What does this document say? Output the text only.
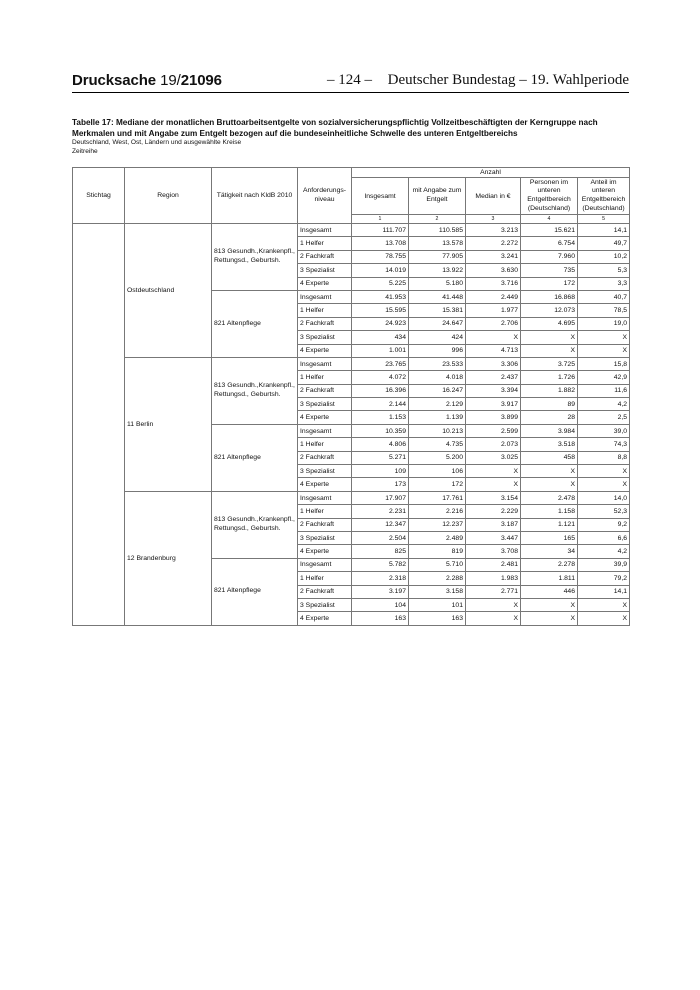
Drucksache 19/21096	– 124 – Deutscher Bundestag – 19. Wahlperiode
Tabelle 17: Mediane der monatlichen Bruttoarbeitsentgelte von sozialversicherungspflichtig Vollzeitbeschäftigten der Kerngruppe nach Merkmalen und mit Angabe zum Entgelt bezogen auf die bundeseinheitliche Schwelle des unteren Entgeltbereichs
Deutschland, West, Ost, Ländern und ausgewählte Kreise
Zeitreihe
Stichtag	Region	Tätigkeit nach KldB 2010	Anforderungs-niveau	Anzahl				
				Insgesamt	mit Angabe zum Entgelt	Median in €	Personen im unteren Entgeltbereich (Deutschland)	Anteil im unteren Entgeltbereich (Deutschland)
				1	2	3	4	5
	Ostdeutschland	813 Gesundh.,Krankenpfl., Rettungsd., Geburtsh.	Insgesamt	111.707	110.585	3.213	15.621	14,1
			1 Helfer	13.708	13.578	2.272	6.754	49,7
			2 Fachkraft	78.755	77.905	3.241	7.960	10,2
			3 Spezialist	14.019	13.922	3.630	735	5,3
			4 Experte	5.225	5.180	3.716	172	3,3
		821 Altenpflege	Insgesamt	41.953	41.448	2.449	16.868	40,7
			1 Helfer	15.595	15.381	1.977	12.073	78,5
			2 Fachkraft	24.923	24.647	2.706	4.695	19,0
			3 Spezialist	434	424	X	X	X
			4 Experte	1.001	996	4.713	X	X
	11 Berlin	813 Gesundh.,Krankenpfl., Rettungsd., Geburtsh.	Insgesamt	23.765	23.533	3.306	3.725	15,8
			1 Helfer	4.072	4.018	2.437	1.726	42,9
			2 Fachkraft	16.396	16.247	3.394	1.882	11,6
			3 Spezialist	2.144	2.129	3.917	89	4,2
			4 Experte	1.153	1.139	3.899	28	2,5
		821 Altenpflege	Insgesamt	10.359	10.213	2.599	3.984	39,0
			1 Helfer	4.806	4.735	2.073	3.518	74,3
			2 Fachkraft	5.271	5.200	3.025	458	8,8
			3 Spezialist	109	106	X	X	X
			4 Experte	173	172	X	X	X
	12 Brandenburg	813 Gesundh.,Krankenpfl., Rettungsd., Geburtsh.	Insgesamt	17.907	17.761	3.154	2.478	14,0
			1 Helfer	2.231	2.216	2.229	1.158	52,3
			2 Fachkraft	12.347	12.237	3.187	1.121	9,2
			3 Spezialist	2.504	2.489	3.447	165	6,6
			4 Experte	825	819	3.708	34	4,2
		821 Altenpflege	Insgesamt	5.782	5.710	2.481	2.278	39,9
			1 Helfer	2.318	2.288	1.983	1.811	79,2
			2 Fachkraft	3.197	3.158	2.771	446	14,1
			3 Spezialist	104	101	X	X	X
			4 Experte	163	163	X	X	X
